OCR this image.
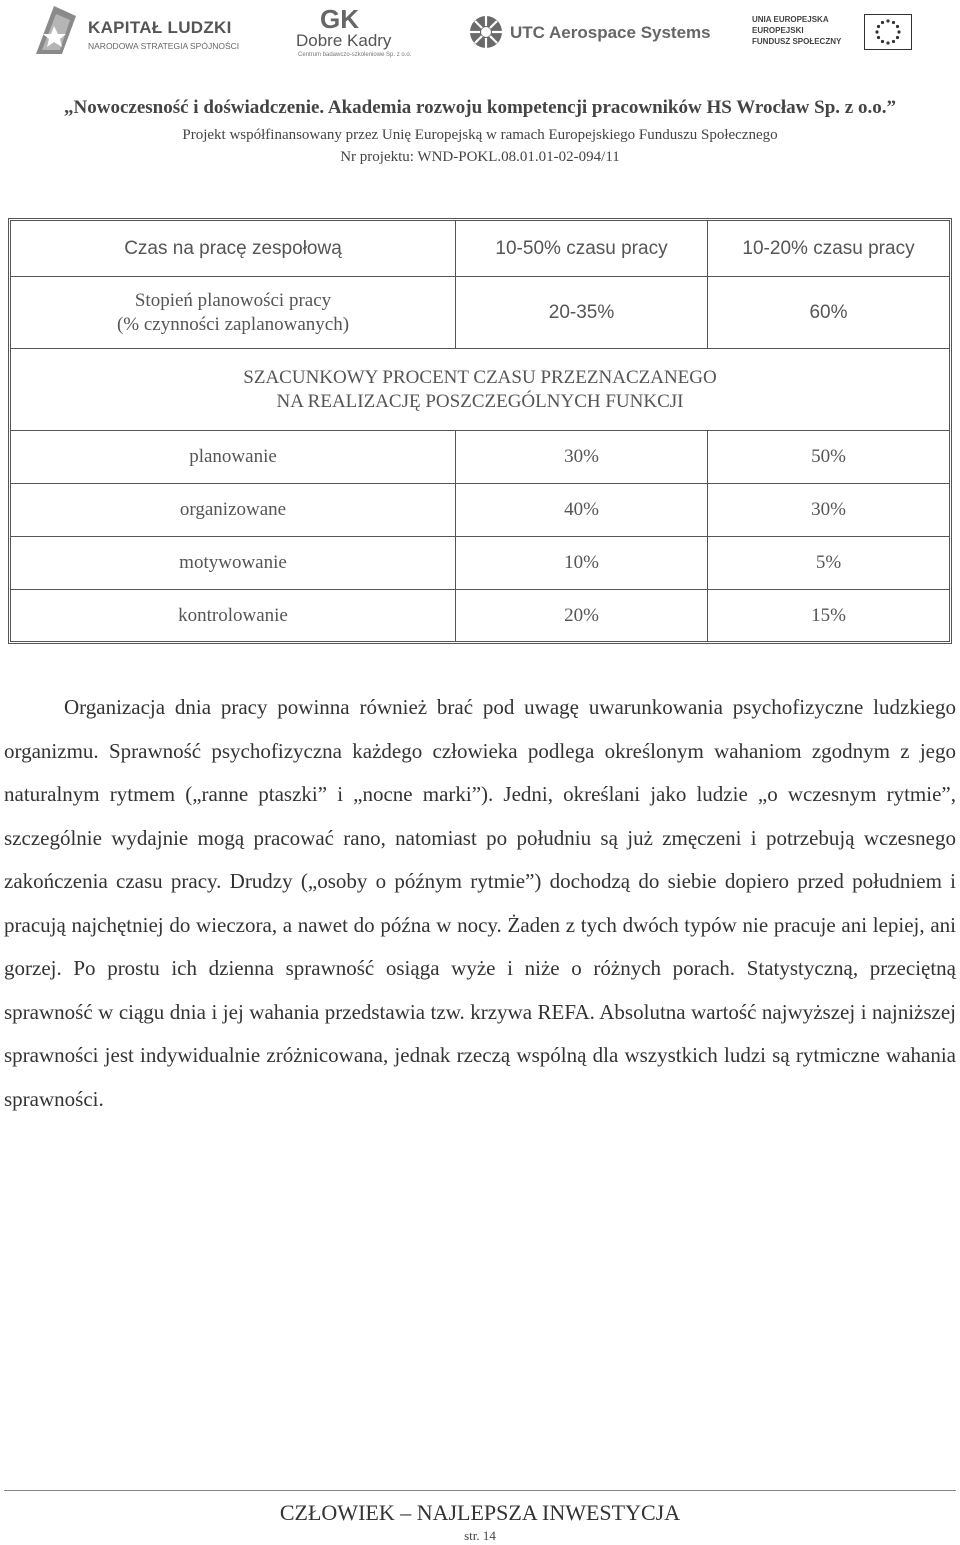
KAPITAŁ LUDZKI
NARODOWA STRATEGIA SPÓJNOŚCI
GK
Dobre Kadry
Centrum badawczo-szkoleniowe Sp. z o.o.
UTC Aerospace Systems
UNIA EUROPEJSKA
EUROPEJSKI
FUNDUSZ SPOŁECZNY
„Nowoczesność i doświadczenie. Akademia rozwoju kompetencji pracowników HS Wrocław Sp. z o.o.”
Projekt współfinansowany przez Unię Europejską w ramach Europejskiego Funduszu Społecznego
Nr projektu: WND-POKL.08.01.01-02-094/11
Czas na pracę zespołową	10-50% czasu pracy	10-20% czasu pracy
Stopień planowości pracy
(% czynności zaplanowanych)
20-35%	60%
SZACUNKOWY PROCENT CZASU PRZEZNACZANEGO
NA REALIZACJĘ POSZCZEGÓLNYCH FUNKCJI
planowanie	30%	50%
organizowane	40%	30%
motywowanie	10%	5%
kontrolowanie	20%	15%

Organizacja dnia pracy powinna również brać pod uwagę uwarunkowania psychofizyczne ludzkiego organizmu. Sprawność psychofizyczna każdego człowieka podlega określonym wahaniom zgodnym z jego naturalnym rytmem („ranne ptaszki” i „nocne marki”). Jedni, określani jako ludzie „o wczesnym rytmie”, szczególnie wydajnie mogą pracować rano, natomiast po południu są już zmęczeni i potrzebują wczesnego zakończenia czasu pracy. Drudzy („osoby o późnym rytmie”) dochodzą do siebie dopiero przed południem i pracują najchętniej do wieczora, a nawet do późna w nocy. Żaden z tych dwóch typów nie pracuje ani lepiej, ani gorzej. Po prostu ich dzienna sprawność osiąga wyże i niże o różnych porach. Statystyczną, przeciętną sprawność w ciągu dnia i jej wahania przedstawia tzw. krzywa REFA. Absolutna wartość najwyższej i najniższej sprawności jest indywidualnie zróżnicowana, jednak rzeczą wspólną dla wszystkich ludzi są rytmiczne wahania sprawności.

CZŁOWIEK – NAJLEPSZA INWESTYCJA
str. 14
